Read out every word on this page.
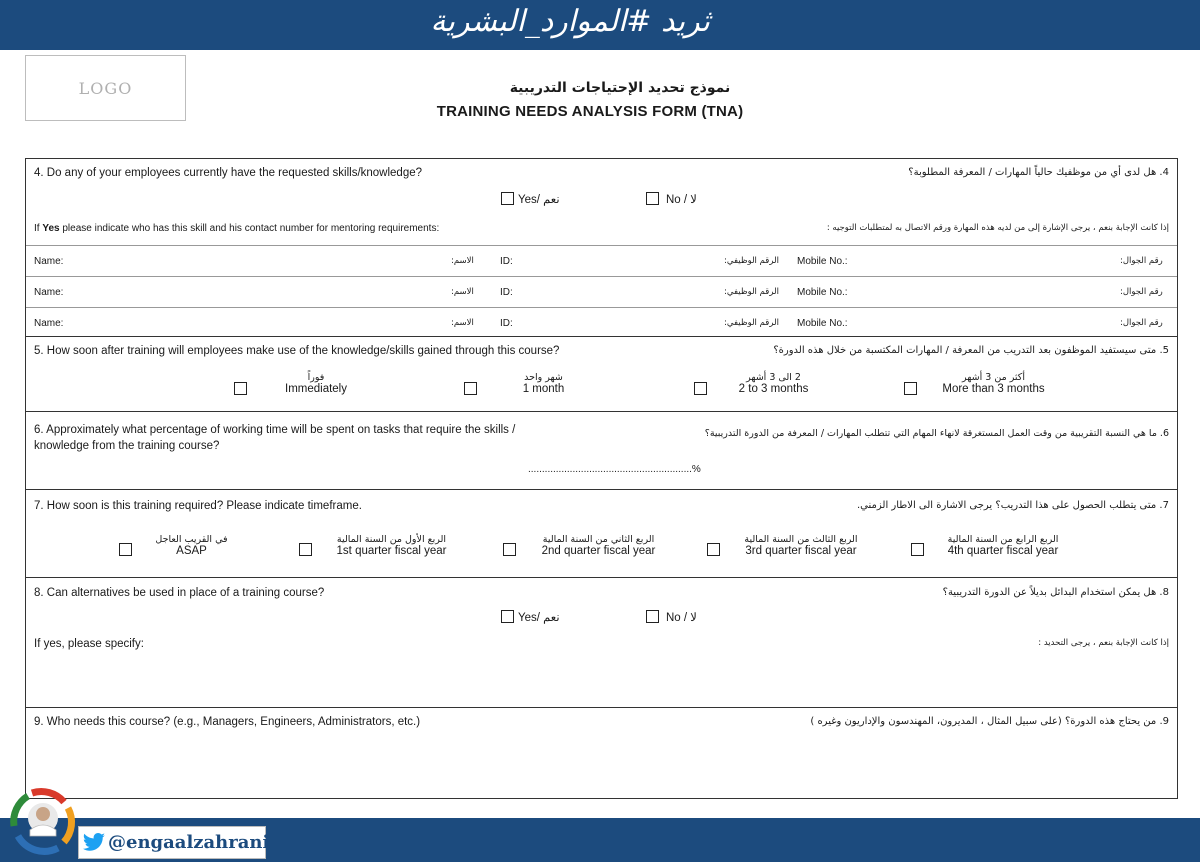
ثريد #الموارد_البشرية
LOGO	نموذج تحديد الإحتياجات التدريبية
TRAINING NEEDS ANALYSIS FORM (TNA)
4. Do any of your employees currently have the requested skills/knowledge?	4. هل لدى أي من موظفيك حالياً المهارات / المعرفة المطلوبة؟
Yes/ نعم	No / لا
If Yes please indicate who has this skill and his contact number for mentoring requirements:	إذا كانت الإجابة بنعم ، يرجى الإشارة إلى من لديه هذه المهارة ورقم الاتصال به لمتطلبات التوجيه :
Name:	الاسم:	ID:	الرقم الوظيفي: Mobile No.:	رقم الجوال:
Name:	الاسم:	ID:	الرقم الوظيفي: Mobile No.:	رقم الجوال:
Name:	الاسم:	ID:	الرقم الوظيفي: Mobile No.:	رقم الجوال:
5. How soon after training will employees make use of the knowledge/skills gained through this course?	5. متى سيستفيد الموظفون بعد التدريب من المعرفة / المهارات المكتسبة من خلال هذه الدورة؟
فوراً
Immediately
شهر واحد
1 month
2 الى 3 أشهر
2 to 3 months
أكثر من 3 أشهر
More than 3 months
6. Approximately what percentage of working time will be spent on tasks that require the skills /
knowledge from the training course?
6. ما هي النسبة التقريبية من وقت العمل المستغرقة لانهاء المهام التي تتطلب المهارات / المعرفة من الدورة التدريبية؟
...........................................................%
7. How soon is this training required? Please indicate timeframe.	7. متى يتطلب الحصول على هذا التدريب؟ يرجى الاشارة الى الاطار الزمني.
في القريب العاجل
ASAP
الربع الأول من السنة المالية
1st quarter fiscal year
الربع الثاني من السنة المالية
2nd quarter fiscal year
الربع الثالث من السنة المالية
3rd quarter fiscal year
الربع الرابع من السنة المالية
4th quarter fiscal year
8. Can alternatives be used in place of a training course?	8. هل يمكن استخدام البدائل بديلاً عن الدورة التدريبية؟
Yes/ نعم	No / لا
If yes, please specify:	إذا كانت الإجابة بنعم ، يرجى التحديد :
9. Who needs this course? (e.g., Managers, Engineers, Administrators, etc.)	9. من يحتاج هذه الدورة؟ (على سبيل المثال ، المديرون، المهندسون والإداريون وغيره )
@engaalzahrani
